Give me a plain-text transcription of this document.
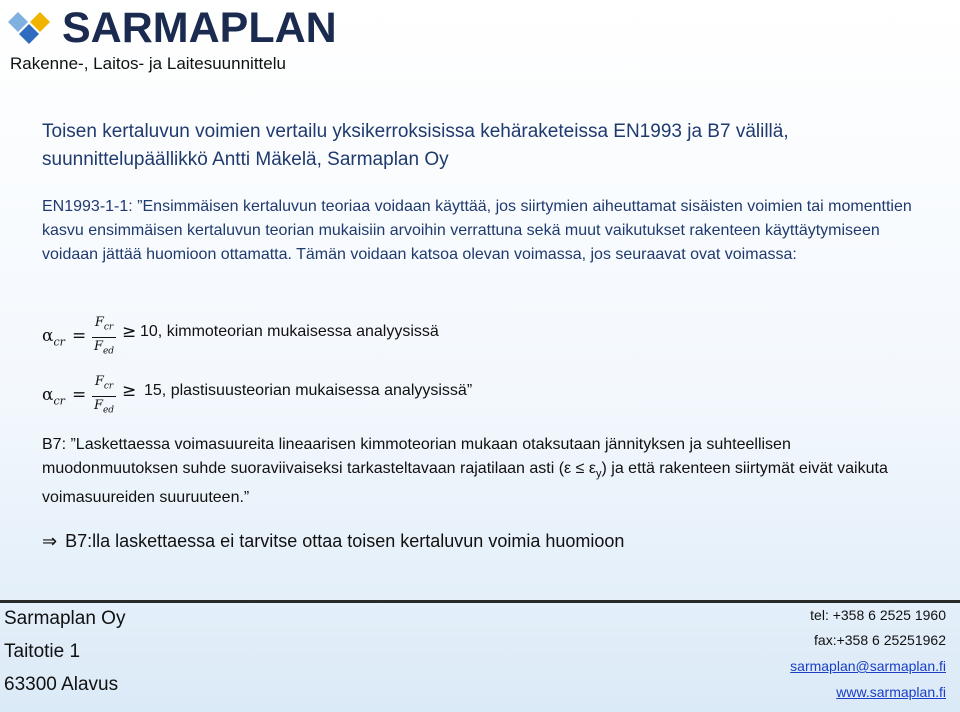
SARMAPLAN
Rakenne-, Laitos- ja Laitesuunnittelu
Toisen kertaluvun voimien vertailu yksikerroksisissa kehäraketeissa EN1993 ja B7 välillä, suunnittelupäällikkö Antti Mäkelä, Sarmaplan Oy
EN1993-1-1: ”Ensimmäisen kertaluvun teoriaa voidaan käyttää, jos siirtymien aiheuttamat sisäisten voimien tai momenttien kasvu ensimmäisen kertaluvun teorian mukaisiin arvoihin verrattuna sekä muut vaikutukset rakenteen käyttäytymiseen voidaan jättää huomioon ottamatta. Tämän voidaan katsoa olevan voimassa, jos seuraavat ovat voimassa:
$\alpha_{cr}$ =
$F_{cr}$
$F_{ed}$
≥ 10, kimmoteorian mukaisessa analyysissä
$\alpha_{cr}$ =
$F_{cr}$
$F_{ed}$
≥ 15, plastisuusteorian mukaisessa analyysissä”
B7: ”Laskettaessa voimasuureita lineaarisen kimmoteorian mukaan otaksutaan jännityksen ja suhteellisen muodonmuutoksen suhde suoraviivaiseksi tarkasteltavaan rajatilaan asti $(\varepsilon \le \varepsilon_y)$ ja että rakenteen siirtymät eivät vaikuta voimasuureiden suuruuteen.”
⇒ B7:lla laskettaessa ei tarvitse ottaa toisen kertaluvun voimia huomioon
Sarmaplan Oy
Taitotie 1
63300 Alavus
tel: +358 6 2525 1960
fax:+358 6 25251962
sarmaplan@sarmaplan.fi
www.sarmaplan.fi
